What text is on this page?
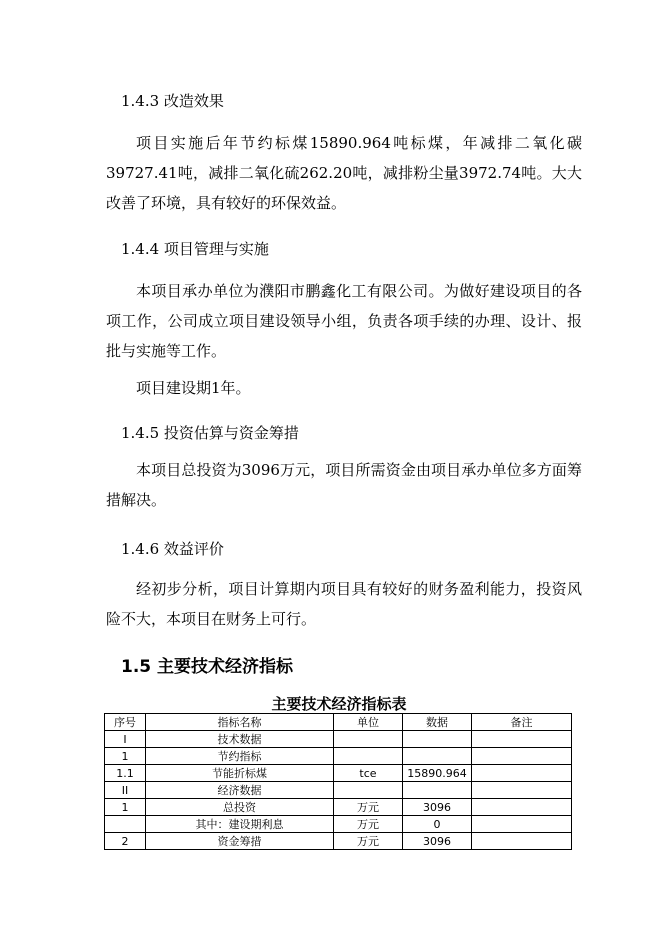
1.4.3 改造效果
项目实施后年节约标煤15890.964吨标煤，年减排二氧化碳39727.41吨，减排二氧化硫262.20吨，减排粉尘量3972.74吨。大大改善了环境，具有较好的环保效益。
1.4.4 项目管理与实施
本项目承办单位为濮阳市鹏鑫化工有限公司。为做好建设项目的各项工作，公司成立项目建设领导小组，负责各项手续的办理、设计、报批与实施等工作。
项目建设期1年。
1.4.5 投资估算与资金筹措
本项目总投资为3096万元，项目所需资金由项目承办单位多方面筹措解决。
1.4.6 效益评价
经初步分析，项目计算期内项目具有较好的财务盈利能力，投资风险不大，本项目在财务上可行。
1.5 主要技术经济指标
主要技术经济指标表
序号	指标名称	单位	数据	备注
I	技术数据			
1	节约指标			
1.1	节能折标煤	tce	15890.964	
II	经济数据			
1	总投资	万元	3096	
	其中：建设期利息	万元	0	
2	资金筹措	万元	3096	
